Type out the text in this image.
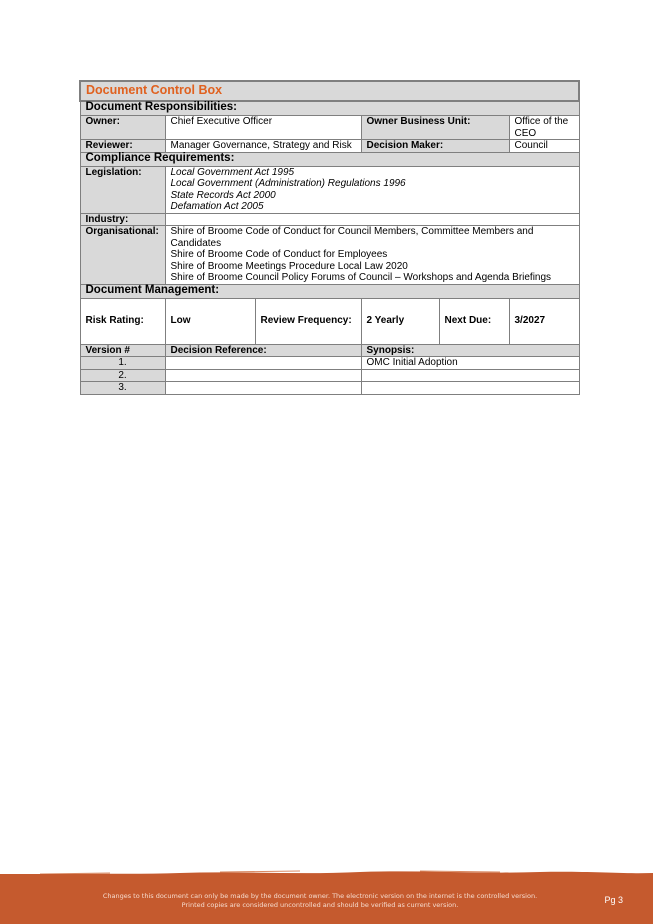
Document Control Box					
Document Responsibilities:					
Owner:	Chief Executive Officer		Owner Business Unit:		Office of the CEO
Reviewer:	Manager Governance, Strategy and Risk		Decision Maker:		Council
Compliance Requirements:					
Legislation:	Local Government Act 1995
Local Government (Administration) Regulations 1996
State Records Act 2000
Defamation Act 2005				

Industry:					
Organisational:	Shire of Broome Code of Conduct for Council Members, Committee Members and Candidates
Shire of Broome Code of Conduct for Employees
Shire of Broome Meetings Procedure Local Law 2020
Shire of Broome Council Policy Forums of Council – Workshops and Agenda Briefings				

Document Management:					
Risk Rating:	Low	Review Frequency:	2 Yearly	Next Due:	3/2027
Version #	Decision Reference:		Synopsis:		
1.			OMC Initial Adoption		
2.					
3.					
Changes to this document can only be made by the document owner. The electronic version on the internet is the controlled version.
Printed copies are considered uncontrolled and should be verified as current version.	Pg 3
